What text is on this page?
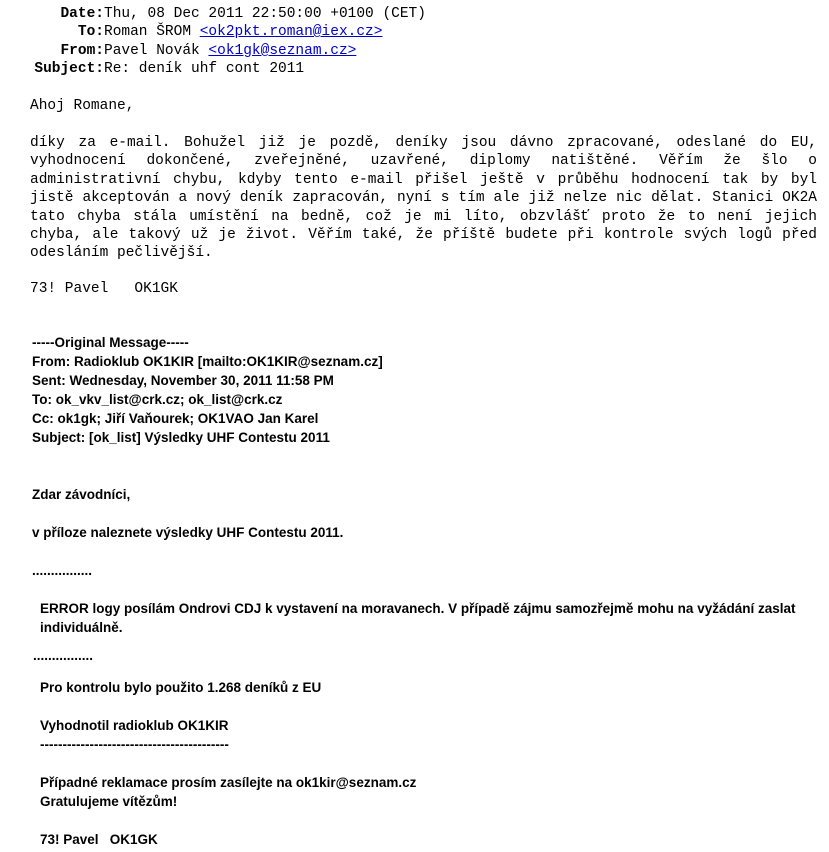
Date:Thu, 08 Dec 2011 22:50:00 +0100 (CET)
To:Roman ŠROM <ok2pkt.roman@iex.cz>
From:Pavel Novák <ok1gk@seznam.cz>
Subject:Re: deník uhf cont 2011
Ahoj Romane,
díky za e-mail. Bohužel již je pozdě, deníky jsou dávno zpracované, odeslané do EU, vyhodnocení dokončené, zveřejněné, uzavřené, diplomy natištěné. Věřím že šlo o administrativní chybu, kdyby tento e-mail přišel ještě v průběhu hodnocení tak by byl jistě akceptován a nový deník zapracován, nyní s tím ale již nelze nic dělat. Stanici OK2A tato chyba stála umístění na bedně, což je mi líto, obzvlášť proto že to není jejich chyba, ale takový už je život. Věřím také, že příště budete při kontrole svých logů před odesláním pečlivější.
73! Pavel   OK1GK
-----Original Message-----
From: Radioklub OK1KIR [mailto:OK1KIR@seznam.cz]
Sent: Wednesday, November 30, 2011 11:58 PM
To: ok_vkv_list@crk.cz; ok_list@crk.cz
Cc: ok1gk; Jiří Vaňourek; OK1VAO Jan Karel
Subject: [ok_list] Výsledky UHF Contestu 2011
Zdar závodníci,
v příloze naleznete výsledky UHF Contestu 2011.
................
ERROR logy posílám Ondrovi CDJ k vystavení na moravanech. V případě zájmu samozřejmě mohu na vyžádání zaslat
individuálně.
................
Pro kontrolu bylo použito 1.268 deníků z EU
Vyhodnotil radioklub OK1KIR
------------------------------------------
Případné reklamace prosím zasílejte na ok1kir@seznam.cz
Gratulujeme vítězům!
73! Pavel   OK1GK
